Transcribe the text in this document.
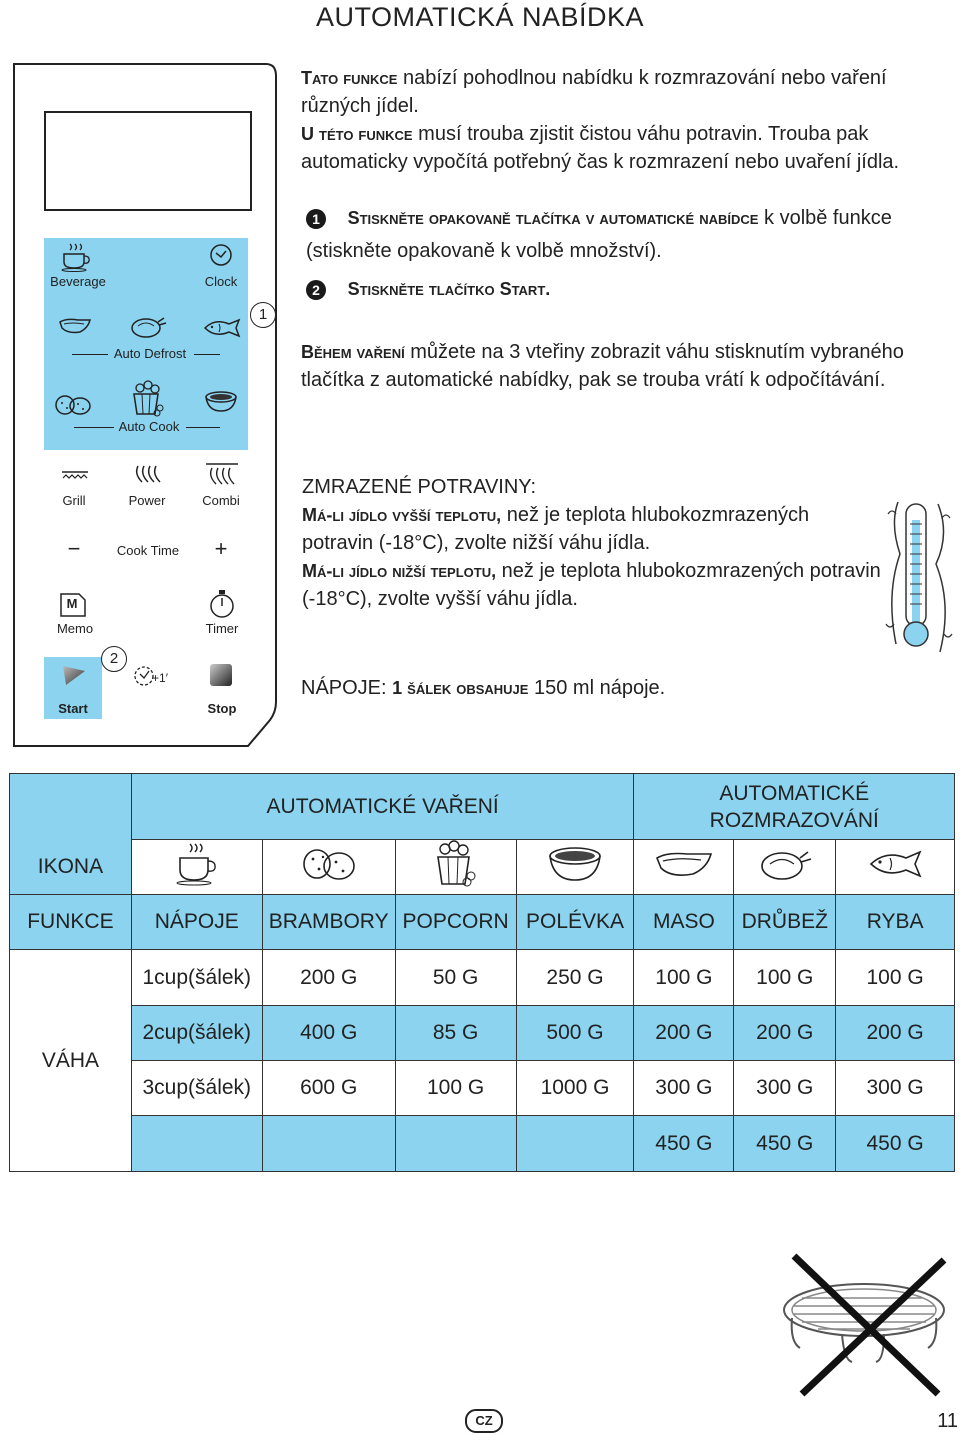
AUTOMATICKÁ NABÍDKA
Beverage	Clock
Auto Defrost
Auto Cook
1
Grill	Power	Combi
−	Cook Time	+
M
Memo	Timer
Start
2
+1′
Stop
Tato funkce nabízí pohodlnou nabídku k rozmrazování nebo vaření různých jídel.
U této funkce musí trouba zjistit čistou váhu potravin. Trouba pak automaticky vypočítá potřebný čas k rozmrazení nebo uvaření jídla.
1 Stiskněte opakovaně tlačítka v automatické nabídce k volbě funkce (stiskněte opakovaně k volbě množství).
2 Stiskněte tlačítko Start.
Během vaření můžete na 3 vteřiny zobrazit váhu stisknutím vybraného tlačítka z automatické nabídky, pak se trouba vrátí k odpočítávání.
ZMRAZENÉ POTRAVINY:
Má-li jídlo vyšší teplotu, než je teplota hlubokozmrazených potravin (-18°C), zvolte nižší váhu jídla.
Má-li jídlo nižší teplotu, než je teplota hlubokozmrazených potravin (-18°C), zvolte vyšší váhu jídla.
NÁPOJE: 1 šálek obsahuje 150 ml nápoje.
	AUTOMATICKÉ VAŘENÍ				AUTOMATICKÉ
ROZMRAZOVÁNÍ		
IKONA							
FUNKCE	NÁPOJE	BRAMBORY	POPCORN	POLÉVKA	MASO	DRŮBEŽ	RYBA
VÁHA	1cup(šálek)	200 G	50 G	250 G	100 G	100 G	100 G
	2cup(šálek)	400 G	85 G	500 G	200 G	200 G	200 G
	3cup(šálek)	600 G	100 G	1000 G	300 G	300 G	300 G
					450 G	450 G	450 G
CZ	11
